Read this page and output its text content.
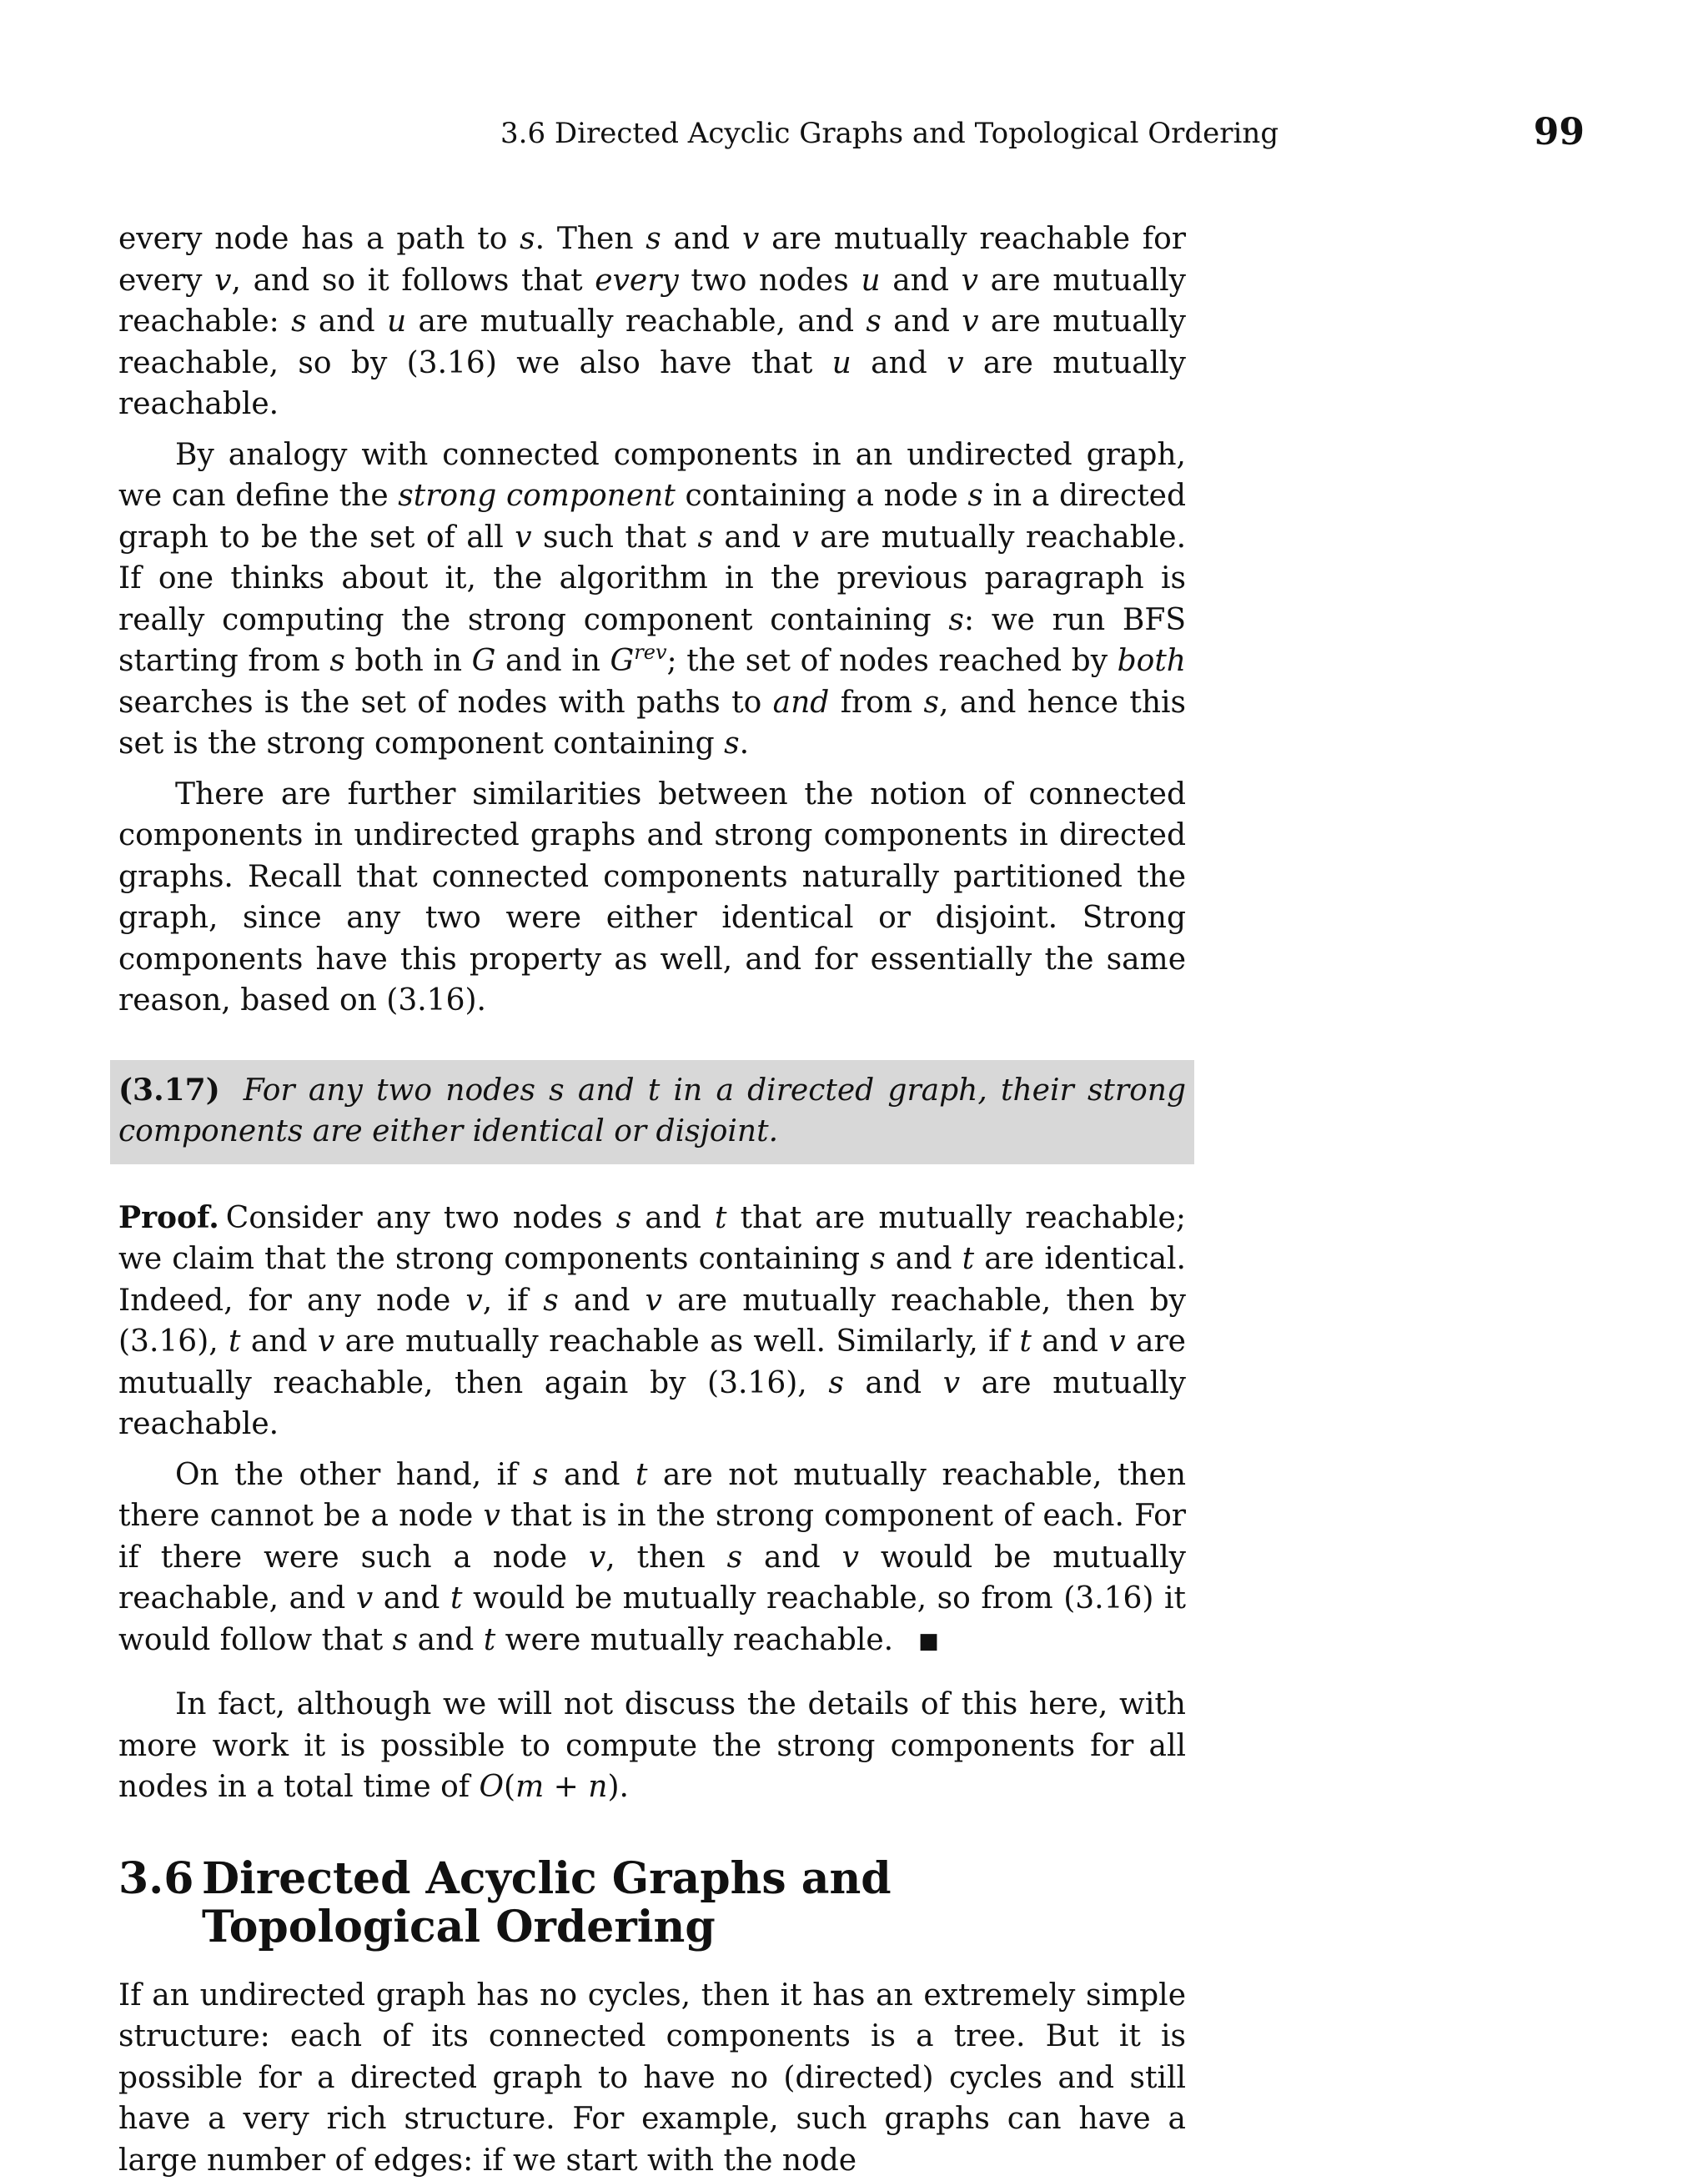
3.6 Directed Acyclic Graphs and Topological Ordering	99

every node has a path to s. Then s and v are mutually reachable for every v, and so it follows that every two nodes u and v are mutually reachable: s and u are mutually reachable, and s and v are mutually reachable, so by (3.16) we also have that u and v are mutually reachable.

By analogy with connected components in an undirected graph, we can define the strong component containing a node s in a directed graph to be the set of all v such that s and v are mutually reachable. If one thinks about it, the algorithm in the previous paragraph is really computing the strong component containing s: we run BFS starting from s both in G and in $G^{rev}$; the set of nodes reached by both searches is the set of nodes with paths to and from s, and hence this set is the strong component containing s.

There are further similarities between the notion of connected components in undirected graphs and strong components in directed graphs. Recall that connected components naturally partitioned the graph, since any two were either identical or disjoint. Strong components have this property as well, and for essentially the same reason, based on (3.16).

(3.17) For any two nodes s and t in a directed graph, their strong components are either identical or disjoint.

Proof. Consider any two nodes s and t that are mutually reachable; we claim that the strong components containing s and t are identical. Indeed, for any node v, if s and v are mutually reachable, then by (3.16), t and v are mutually reachable as well. Similarly, if t and v are mutually reachable, then again by (3.16), s and v are mutually reachable.

On the other hand, if s and t are not mutually reachable, then there cannot be a node v that is in the strong component of each. For if there were such a node v, then s and v would be mutually reachable, and v and t would be mutually reachable, so from (3.16) it would follow that s and t were mutually reachable. ■

In fact, although we will not discuss the details of this here, with more work it is possible to compute the strong components for all nodes in a total time of O(m + n).

3.6 Directed Acyclic Graphs and
Topological Ordering

If an undirected graph has no cycles, then it has an extremely simple structure: each of its connected components is a tree. But it is possible for a directed graph to have no (directed) cycles and still have a very rich structure. For example, such graphs can have a large number of edges: if we start with the node
